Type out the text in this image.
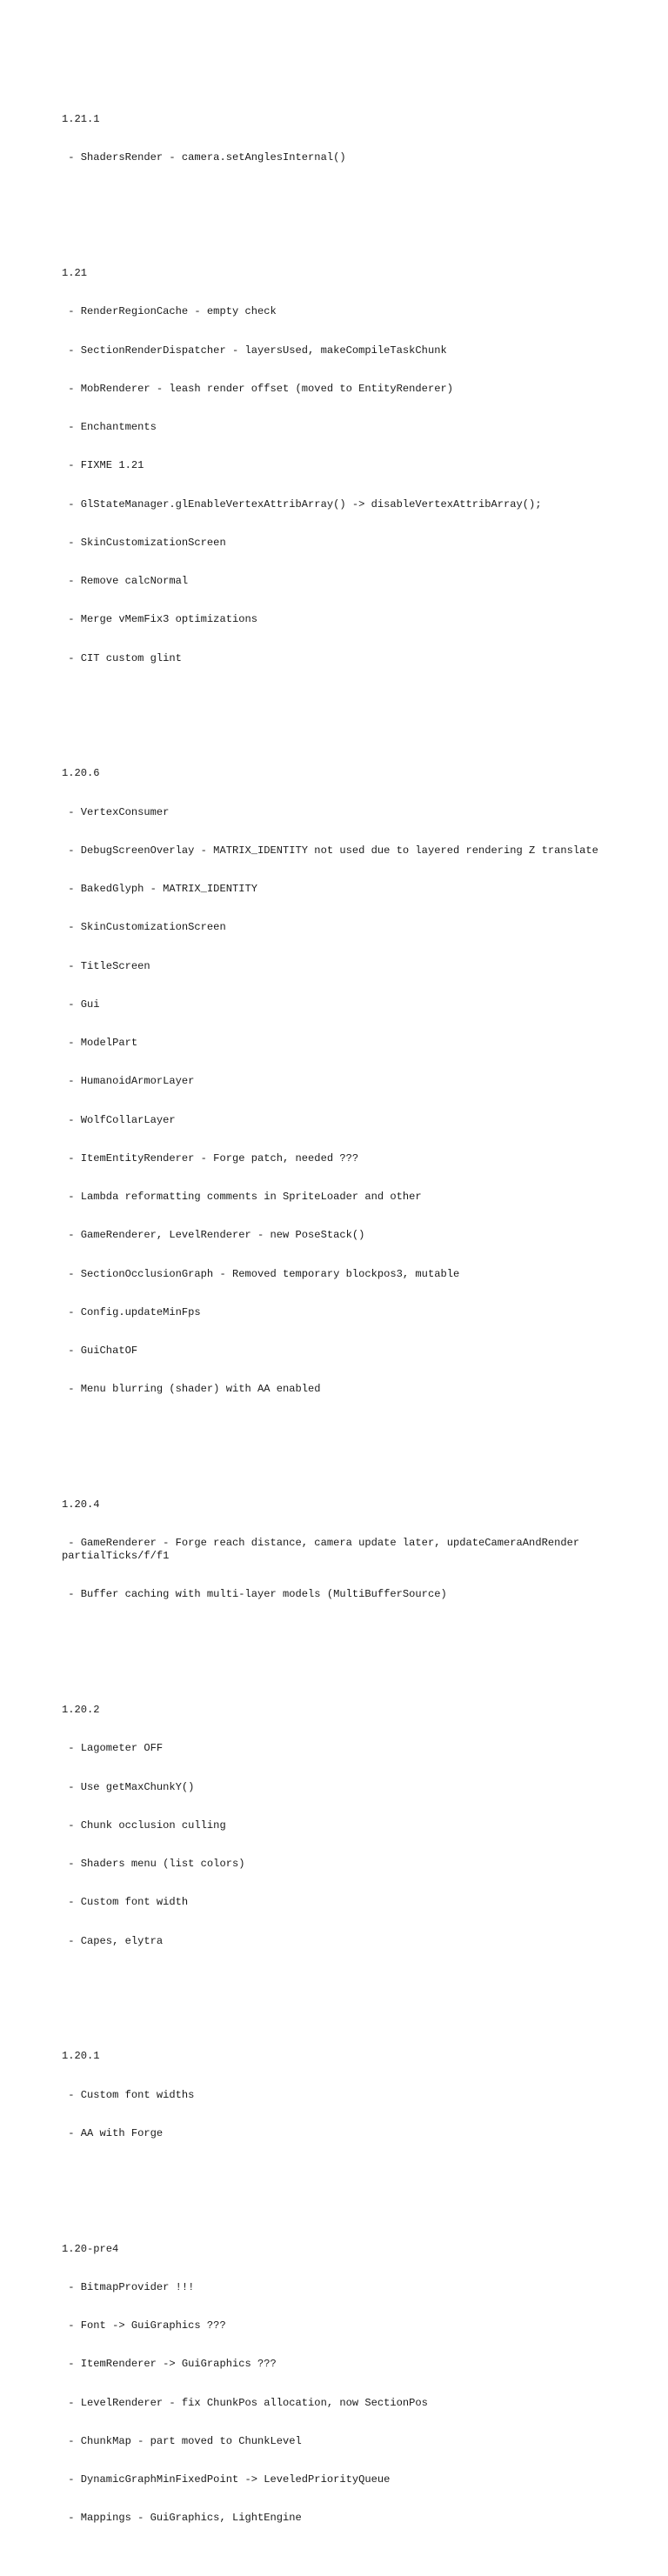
1.21.1

- ShadersRender - camera.setAnglesInternal()

1.21

- RenderRegionCache - empty check

- SectionRenderDispatcher - layersUsed, makeCompileTaskChunk

- MobRenderer - leash render offset (moved to EntityRenderer)

- Enchantments

- FIXME 1.21

- GlStateManager.glEnableVertexAttribArray() -> disableVertexAttribArray();

- SkinCustomizationScreen

- Remove calcNormal

- Merge vMemFix3 optimizations

- CIT custom glint

1.20.6

- VertexConsumer

- DebugScreenOverlay - MATRIX_IDENTITY not used due to layered rendering Z translate

- BakedGlyph - MATRIX_IDENTITY

- SkinCustomizationScreen

- TitleScreen

- Gui

- ModelPart

- HumanoidArmorLayer

- WolfCollarLayer

- ItemEntityRenderer - Forge patch, needed ???

- Lambda reformatting comments in SpriteLoader and other

- GameRenderer, LevelRenderer - new PoseStack()

- SectionOcclusionGraph - Removed temporary blockpos3, mutable

- Config.updateMinFps

- GuiChatOF

- Menu blurring (shader) with AA enabled

1.20.4

- GameRenderer - Forge reach distance, camera update later, updateCameraAndRender partialTicks/f/f1

- Buffer caching with multi-layer models (MultiBufferSource)

1.20.2

- Lagometer OFF

- Use getMaxChunkY()

- Chunk occlusion culling

- Shaders menu (list colors)

- Custom font width

- Capes, elytra

1.20.1

- Custom font widths

- AA with Forge

1.20-pre4

- BitmapProvider !!!

- Font -> GuiGraphics ???

- ItemRenderer -> GuiGraphics ???

- LevelRenderer - fix ChunkPos allocation, now SectionPos

- ChunkMap - part moved to ChunkLevel

- DynamicGraphMinFixedPoint -> LeveledPriorityQueue

- Mappings - GuiGraphics, LightEngine
